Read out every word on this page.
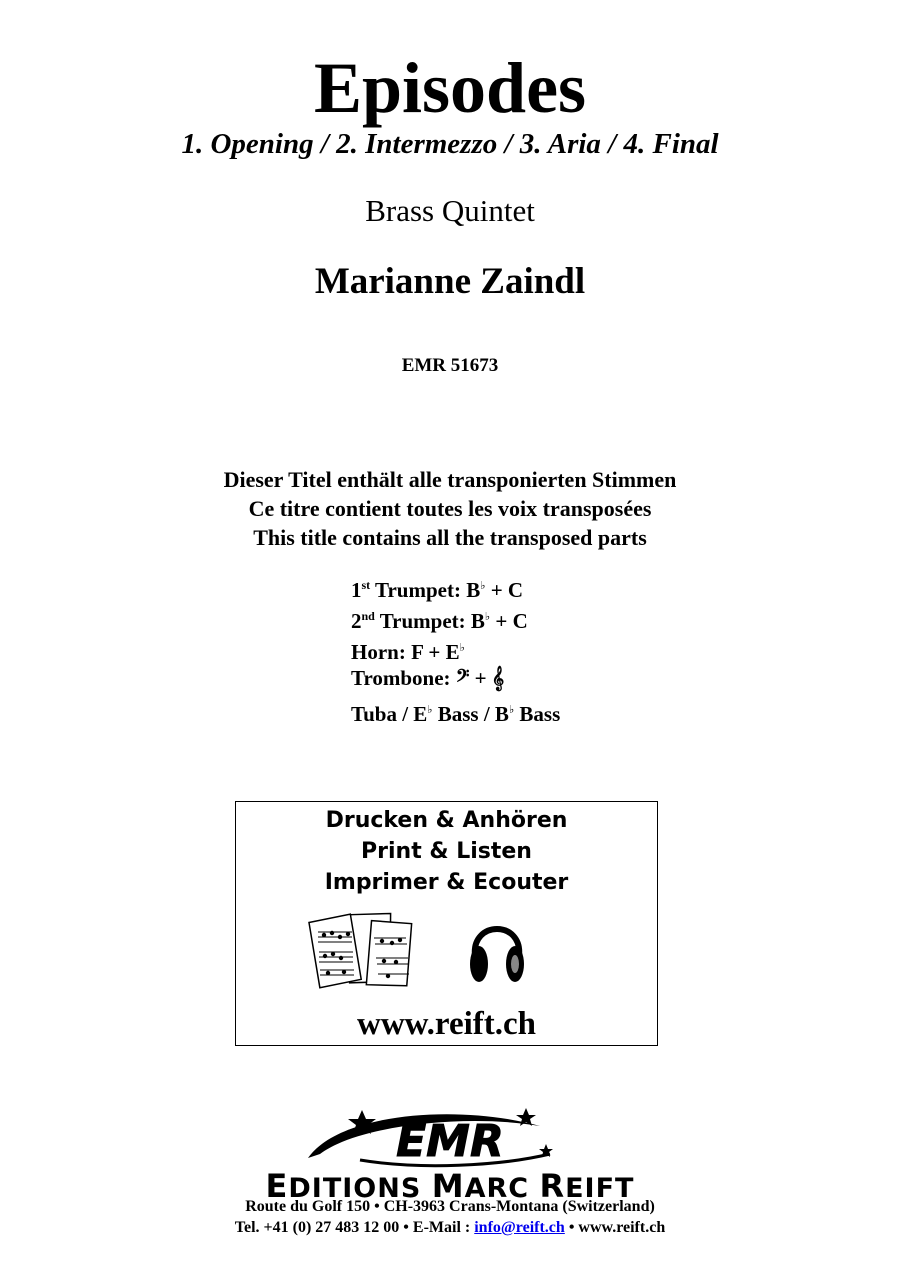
Episodes
1. Opening / 2. Intermezzo / 3. Aria / 4. Final
Brass Quintet
Marianne Zaindl
EMR 51673
Dieser Titel enthält alle transponierten Stimmen
Ce titre contient toutes les voix transposées
This title contains all the transposed parts
1st Trumpet: B♭ + C
2nd Trumpet: B♭ + C
Horn: F + E♭
Trombone: 𝄢 + 𝄞
Tuba / E♭ Bass / B♭ Bass
Drucken & Anhören
Print & Listen
Imprimer & Ecouter
www.reift.ch
EMR
EDITIONS MARC REIFT
Route du Golf 150 • CH-3963 Crans-Montana (Switzerland)
Tel. +41 (0) 27 483 12 00 • E-Mail : info@reift.ch • www.reift.ch
